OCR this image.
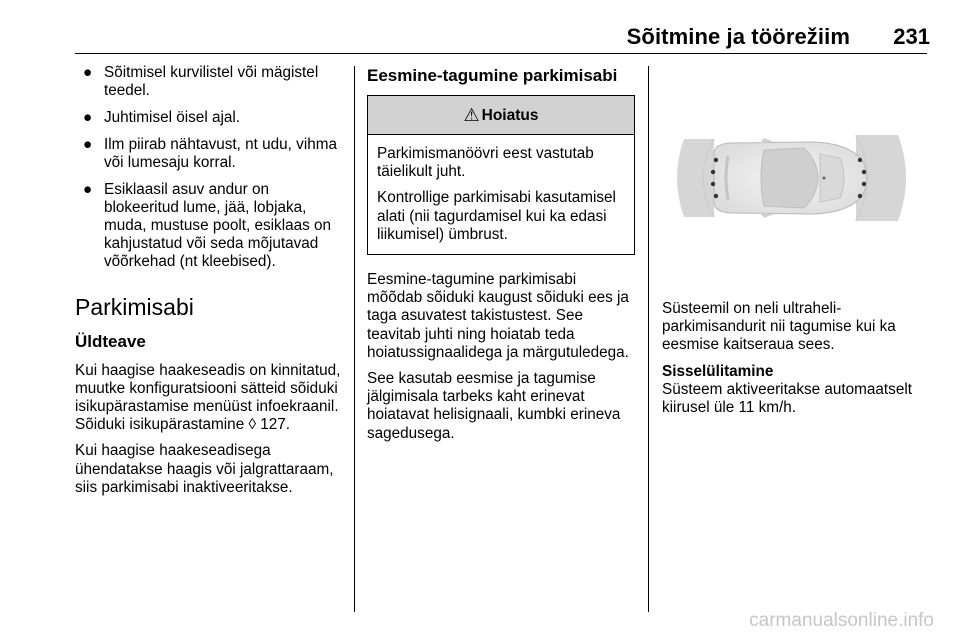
Sõitmine ja töörežiim	231
● Sõitmisel kurvilistel või mägistel teedel.
● Juhtimisel öisel ajal.
● Ilm piirab nähtavust, nt udu, vihma või lumesaju korral.
● Esiklaasil asuv andur on blokeeritud lume, jää, lobjaka, muda, mustuse poolt, esiklaas on kahjustatud või seda mõjutavad võõrkehad (nt kleebised).
Parkimisabi
Üldteave

Kui haagise haakeseadis on kinnitatud, muutke konfiguratsiooni sätteid sõiduki isikupärastamise menüüst infoekraanil. Sõiduki isikupärastamine ◊ 127.

Kui haagise haakeseadisega ühendatakse haagis või jalgrattaraam, siis parkimisabi inaktiveeritakse.

Eesmine-tagumine parkimisabi
⚠ Hoiatus

Parkimismanöövri eest vastutab täielikult juht.

Kontrollige parkimisabi kasutamisel alati (nii tagurdamisel kui ka edasi liikumisel) ümbrust.

Eesmine-tagumine parkimisabi mõõdab sõiduki kaugust sõiduki ees ja taga asuvatest takistustest. See teavitab juhti ning hoiatab teda hoiatussignaalidega ja märgutuledega.

See kasutab eesmise ja tagumise jälgimisala tarbeks kaht erinevat hoiatavat helisignaali, kumbki erineva sagedusega.

Süsteemil on neli ultraheli-parkimisandurit nii tagumise kui ka eesmise kaitseraua sees.

Sisselülitamine

Süsteem aktiveeritakse automaatselt kiirusel üle 11 km/h.

carmanualsonline.info
